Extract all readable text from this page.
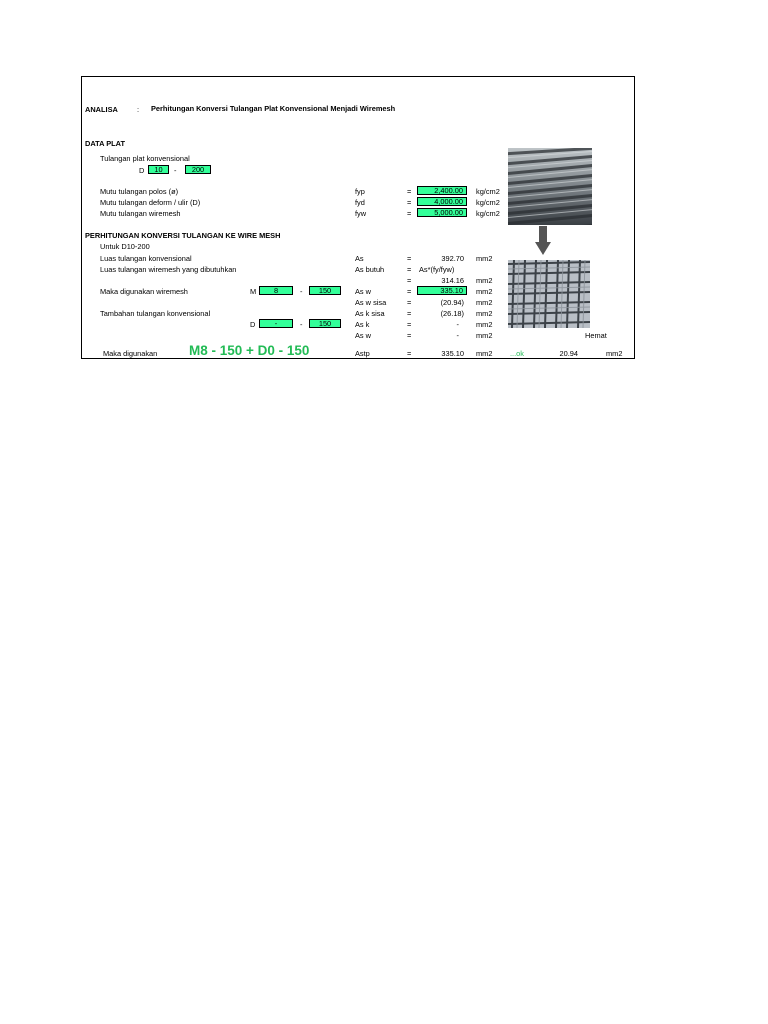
ANALISA	: Perhitungan Konversi Tulangan Plat Konvensional Menjadi Wiremesh
DATA PLAT
Tulangan plat konvensional
D	10	-	200
Mutu tulangan polos (ø)	fyp	=	2,400.00	kg/cm2
Mutu tulangan deform / ulir (D)	fyd	=	4,000.00	kg/cm2
Mutu tulangan wiremesh	fyw	=	5,000.00	kg/cm2
PERHITUNGAN KONVERSI TULANGAN KE WIRE MESH
Untuk D10-200
Luas tulangan konvensional	As	=	392.70 mm2
Luas tulangan wiremesh yang dibutuhkan	As butuh	= As*(fy/fyw)
=	314.16 mm2
Maka digunakan wiremesh	M	8	-	150	As w	=	335.10	mm2
As w sisa	=	(20.94) mm2
Tambahan tulangan konvensional	As k sisa	=	(26.18) mm2
D	-	-	150	As k	=	- mm2
As w	=	- mm2	Hemat
Maka digunakan M8 - 150 + D0 - 150	Astp	=	335.10 mm2 ...ok	20.94	mm2
